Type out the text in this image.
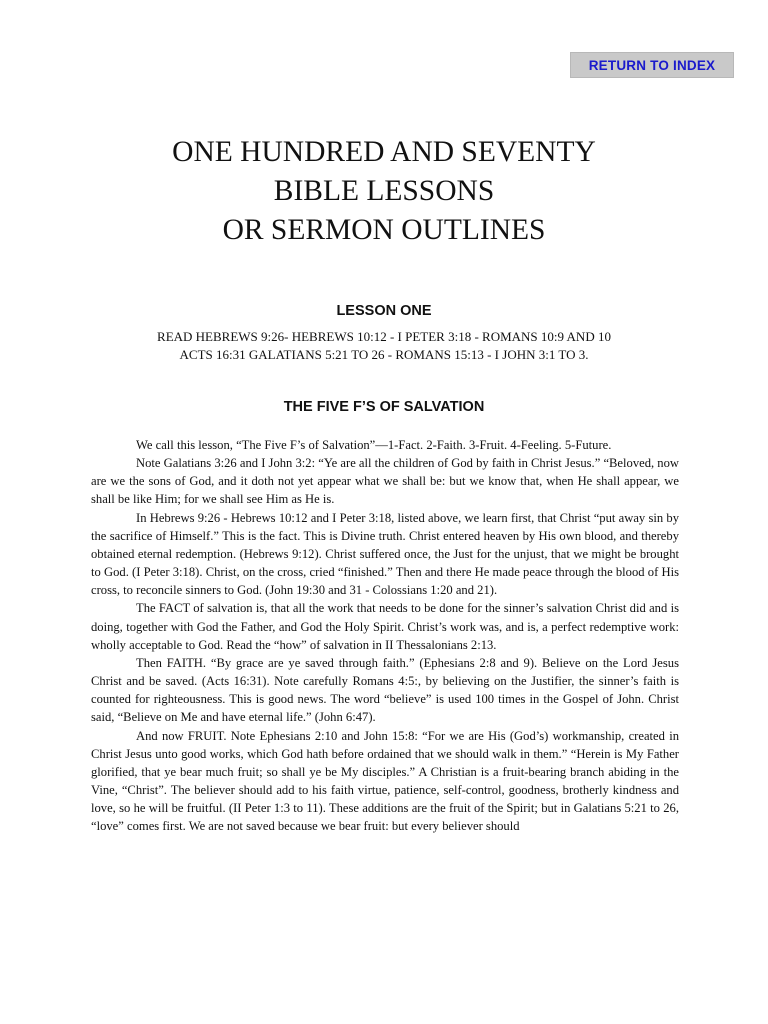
RETURN TO INDEX
ONE HUNDRED AND SEVENTY
BIBLE LESSONS
OR SERMON OUTLINES
LESSON ONE
READ HEBREWS 9:26- HEBREWS 10:12 - I PETER 3:18 - ROMANS 10:9 AND 10
ACTS 16:31 GALATIANS 5:21 TO 26 - ROMANS 15:13 - I JOHN 3:1 TO 3.
THE FIVE F’S OF SALVATION

We call this lesson, “The Five F’s of Salvation”—1-Fact. 2-Faith. 3-Fruit. 4-Feeling. 5-Future.

Note Galatians 3:26 and I John 3:2: “Ye are all the children of God by faith in Christ Jesus.” “Beloved, now are we the sons of God, and it doth not yet appear what we shall be: but we know that, when He shall appear, we shall be like Him; for we shall see Him as He is.

In Hebrews 9:26 - Hebrews 10:12 and I Peter 3:18, listed above, we learn first, that Christ “put away sin by the sacrifice of Himself.” This is the fact. This is Divine truth. Christ entered heaven by His own blood, and thereby obtained eternal redemption. (Hebrews 9:12). Christ suffered once, the Just for the unjust, that we might be brought to God. (I Peter 3:18). Christ, on the cross, cried “finished.” Then and there He made peace through the blood of His cross, to reconcile sinners to God. (John 19:30 and 31 - Colossians 1:20 and 21).

The FACT of salvation is, that all the work that needs to be done for the sinner’s salvation Christ did and is doing, together with God the Father, and God the Holy Spirit. Christ’s work was, and is, a perfect redemptive work: wholly acceptable to God. Read the “how” of salvation in II Thessalonians 2:13.

Then FAITH. “By grace are ye saved through faith.” (Ephesians 2:8 and 9). Believe on the Lord Jesus Christ and be saved. (Acts 16:31). Note carefully Romans 4:5:, by believing on the Justifier, the sinner’s faith is counted for righteousness. This is good news. The word “believe” is used 100 times in the Gospel of John. Christ said, “Believe on Me and have eternal life.” (John 6:47).

And now FRUIT. Note Ephesians 2:10 and John 15:8: “For we are His (God’s) workmanship, created in Christ Jesus unto good works, which God hath before ordained that we should walk in them.” “Herein is My Father glorified, that ye bear much fruit; so shall ye be My disciples.” A Christian is a fruit-bearing branch abiding in the Vine, “Christ”. The believer should add to his faith virtue, patience, self-control, goodness, brotherly kindness and love, so he will be fruitful. (II Peter 1:3 to 11). These additions are the fruit of the Spirit; but in Galatians 5:21 to 26, “love” comes first. We are not saved because we bear fruit: but every believer should
